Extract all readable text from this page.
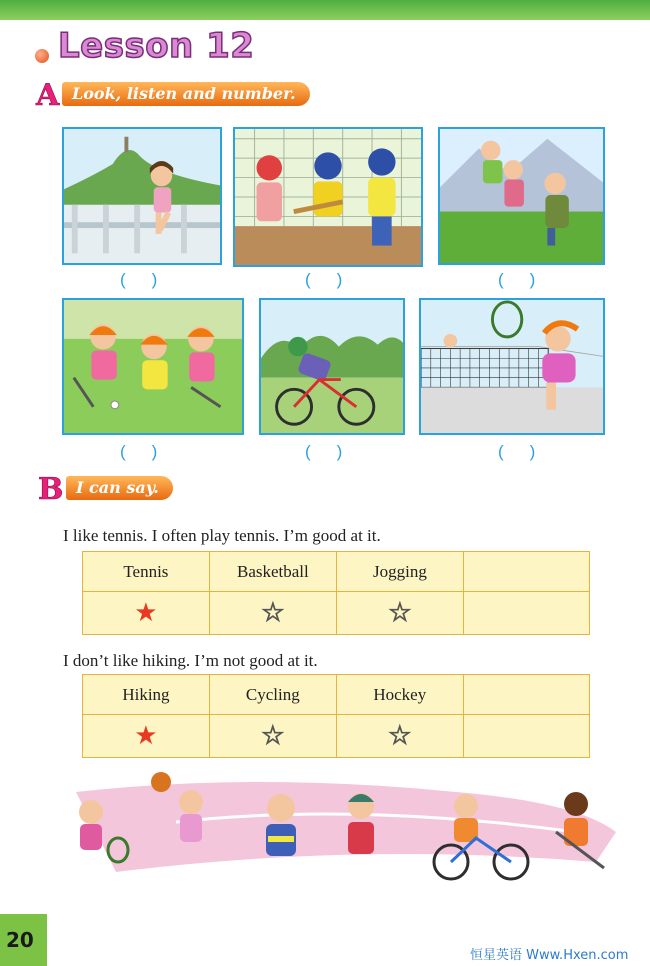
Lesson 12
A Look, listen and number.
( )	( )	( )
( )	( )	( )
B I can say.
I like tennis. I often play tennis. I’m good at it.
Tennis	Basketball	Jogging	
★	☆	☆	
I don’t like hiking. I’m not good at it.
Hiking	Cycling	Hockey	
★	☆	☆	
20
恒星英语 Www.Hxen.com
